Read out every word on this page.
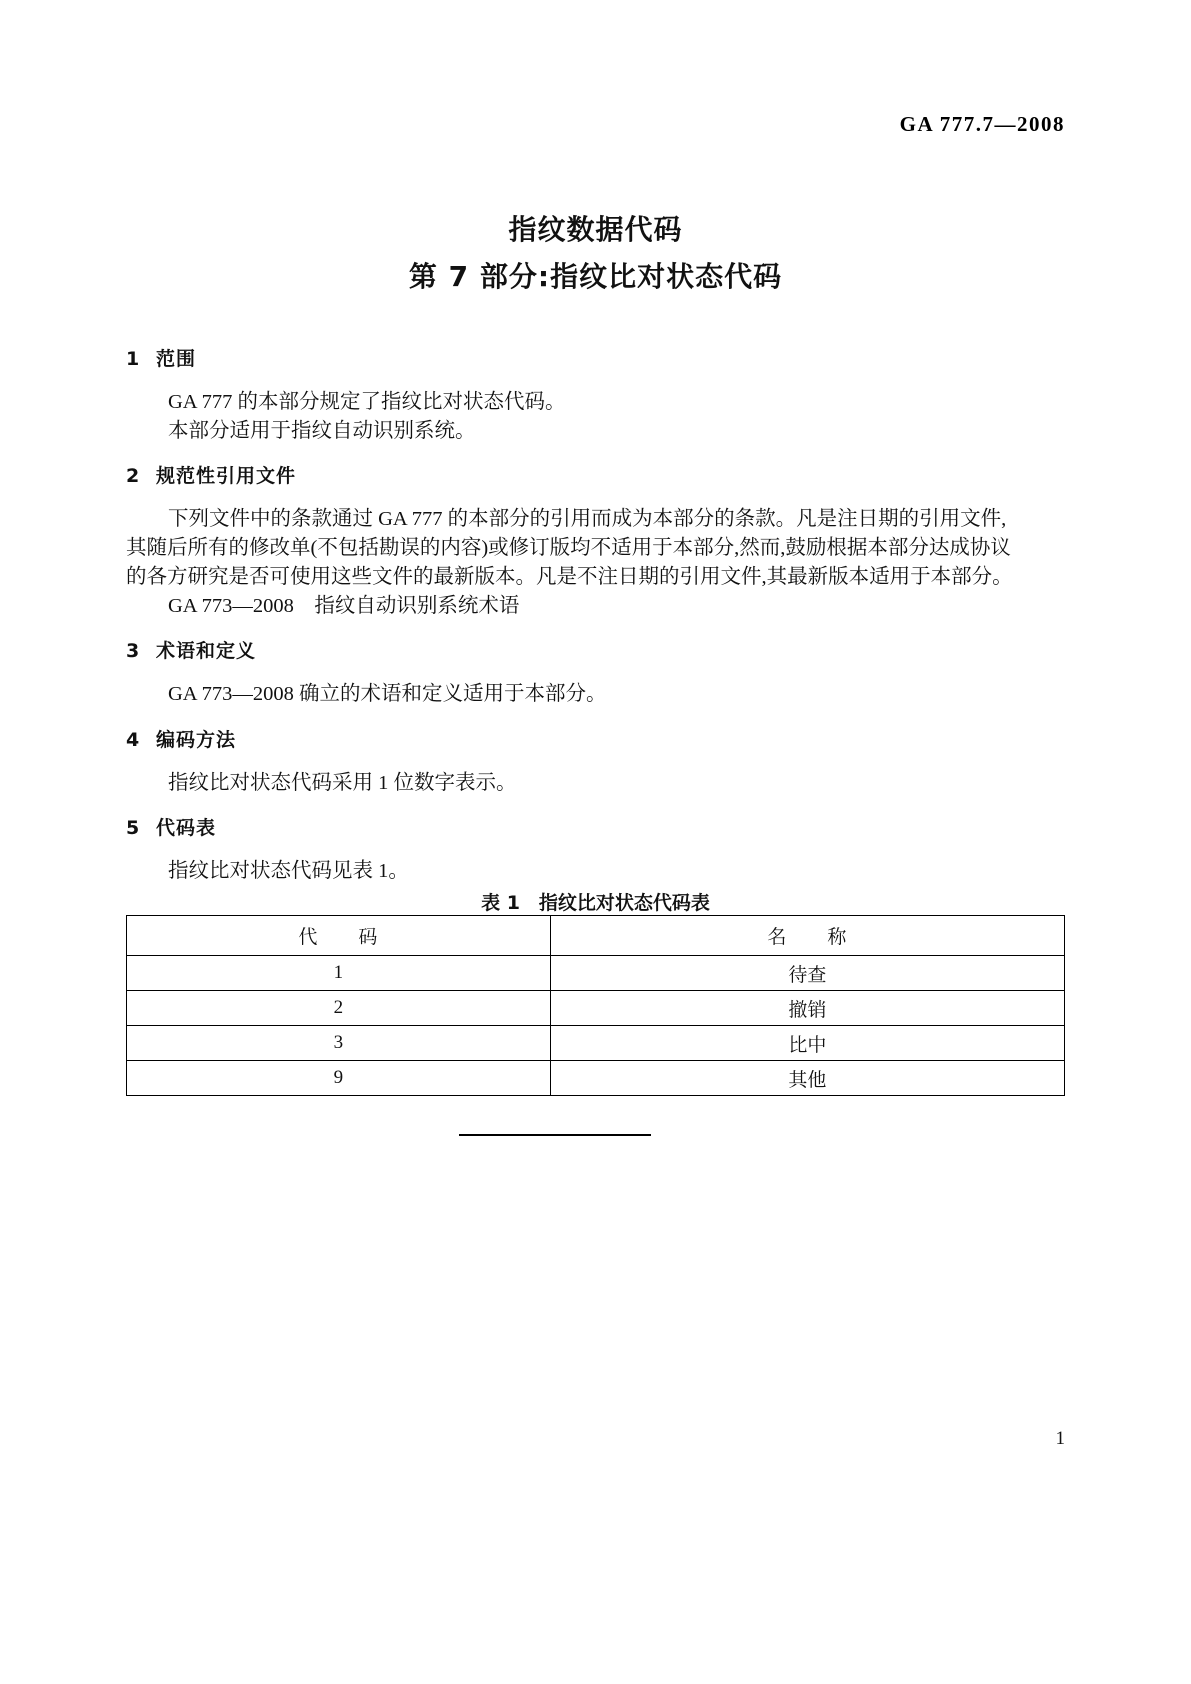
GA 777.7—2008
指纹数据代码
第 7 部分:指纹比对状态代码
1 范围
GA 777 的本部分规定了指纹比对状态代码。
本部分适用于指纹自动识别系统。
2 规范性引用文件
下列文件中的条款通过 GA 777 的本部分的引用而成为本部分的条款。凡是注日期的引用文件,
其随后所有的修改单(不包括勘误的内容)或修订版均不适用于本部分,然而,鼓励根据本部分达成协议
的各方研究是否可使用这些文件的最新版本。凡是不注日期的引用文件,其最新版本适用于本部分。
GA 773—2008　指纹自动识别系统术语
3 术语和定义
GA 773—2008 确立的术语和定义适用于本部分。
4 编码方法
指纹比对状态代码采用 1 位数字表示。
5 代码表
指纹比对状态代码见表 1。
表 1　指纹比对状态代码表
代　　码	名　　称
1	待查
2	撤销
3	比中
9	其他
1
